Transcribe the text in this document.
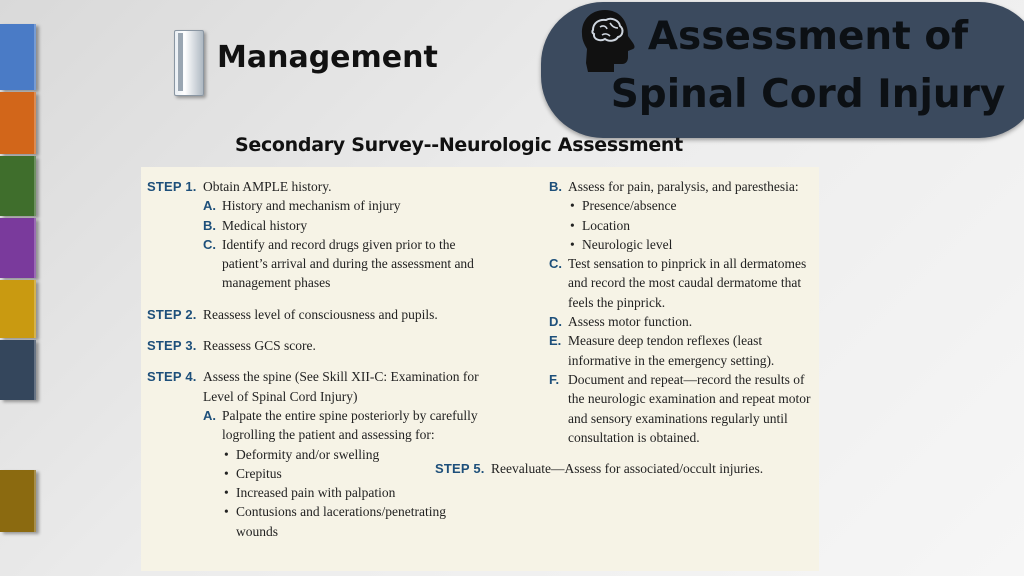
Management	Assessment of Spinal Cord Injury
Secondary Survey--Neurologic Assessment
STEP 1. Obtain AMPLE history.
A. History and mechanism of injury
B. Medical history
C. Identify and record drugs given prior to the patient’s arrival and during the assessment and management phases
STEP 2. Reassess level of consciousness and pupils.
STEP 3. Reassess GCS score.
STEP 4. Assess the spine (See Skill XII-C: Examination for Level of Spinal Cord Injury)
A. Palpate the entire spine posteriorly by carefully logrolling the patient and assessing for:
• Deformity and/or swelling
• Crepitus
• Increased pain with palpation
• Contusions and lacerations/penetrating wounds
B. Assess for pain, paralysis, and paresthesia:
• Presence/absence
• Location
• Neurologic level
C. Test sensation to pinprick in all dermatomes and record the most caudal dermatome that feels the pinprick.
D. Assess motor function.
E. Measure deep tendon reflexes (least informative in the emergency setting).
F. Document and repeat—record the results of the neurologic examination and repeat motor and sensory examinations regularly until consultation is obtained.
STEP 5. Reevaluate—Assess for associated/occult injuries.
